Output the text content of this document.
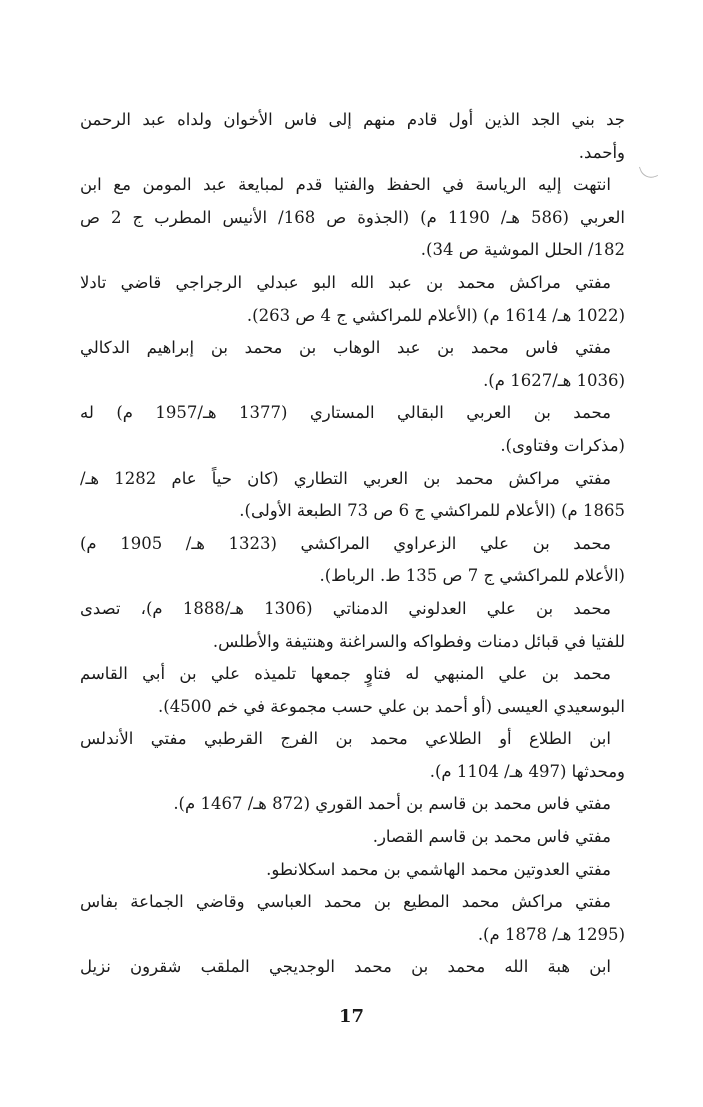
جد بني الجد الذين أول قادم منهم إلى فاس الأخوان ولداه عبد الرحمن
وأحمد.
انتهت إليه الرياسة في الحفظ والفتيا قدم لمبايعة عبد المومن مع ابن
العربي (586 هـ/ 1190 م) (الجذوة ص 168/ الأنيس المطرب ج 2 ص
182/ الحلل الموشية ص 34).
مفتي مراكش محمد بن عبد الله البو عبدلي الرجراجي قاضي تادلا
(1022 هـ/ 1614 م) (الأعلام للمراكشي ج 4 ص 263).
مفتي فاس محمد بن عبد الوهاب بن محمد بن إبراهيم الدكالي
(1036 هـ/1627 م).
محمد بن العربي البقالي المستاري (1377 هـ/1957 م) له
(مذكرات وفتاوى).
مفتي مراكش محمد بن العربي التطاري (كان حياً عام 1282 هـ/
1865 م) (الأعلام للمراكشي ج 6 ص 73 الطبعة الأولى).
محمد بن علي الزعراوي المراكشي (1323 هـ/ 1905 م)
(الأعلام للمراكشي ج 7 ص 135 ط. الرباط).
محمد بن علي العدلوني الدمناتي (1306 هـ/1888 م)، تصدى
للفتيا في قبائل دمنات وفطواكه والسراغنة وهنتيفة والأطلس.
محمد بن علي المنبهي له فتاوٍ جمعها تلميذه علي بن أبي القاسم
البوسعيدي العيسى (أو أحمد بن علي حسب مجموعة في خم 4500).
ابن الطلاع أو الطلاعي محمد بن الفرج القرطبي مفتي الأندلس
ومحدثها (497 هـ/ 1104 م).
مفتي فاس محمد بن قاسم بن أحمد القوري (872 هـ/ 1467 م).
مفتي فاس محمد بن قاسم القصار.
مفتي العدوتين محمد الهاشمي بن محمد اسكلانطو.
مفتي مراكش محمد المطيع بن محمد العباسي وقاضي الجماعة بفاس
(1295 هـ/ 1878 م).
ابن هبة الله محمد بن محمد الوجديجي الملقب شقرون نزيل
17
